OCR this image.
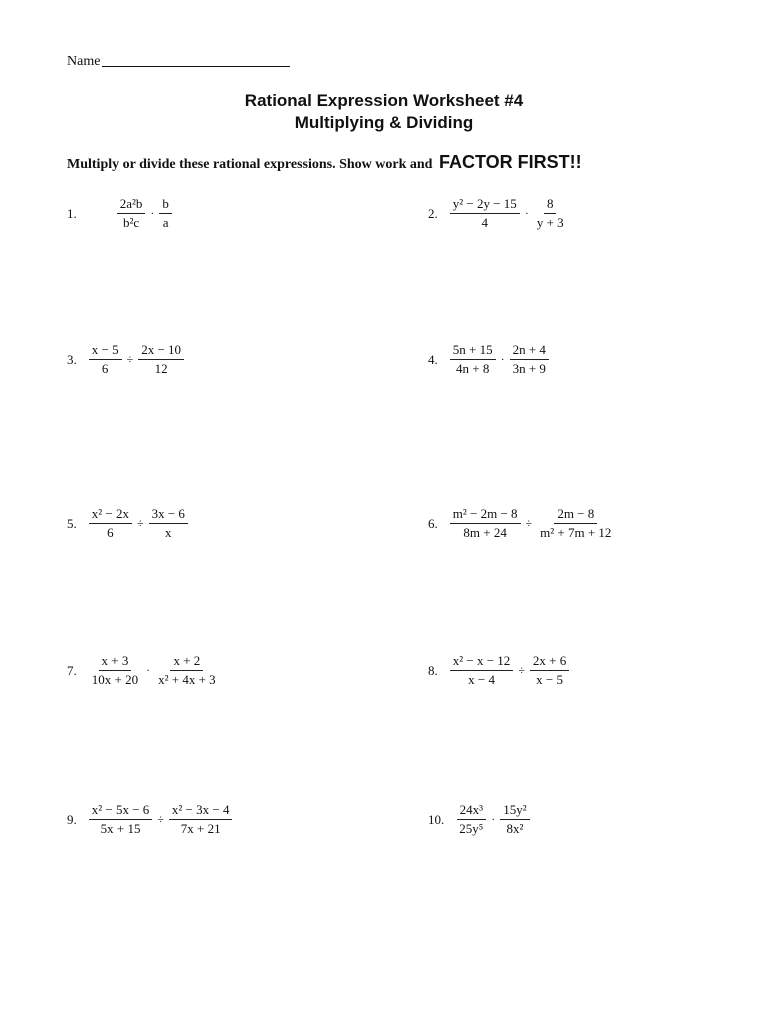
Name
Rational Expression Worksheet #4
Multiplying & Dividing
Multiply or divide these rational expressions. Show work and FACTOR FIRST!!
1.	$\frac{\text{2a²b}}{\text{b²c}} \cdot \frac{b}{a}$	2. $\frac{\text{y² − 2y − 15}}{4} \cdot \frac{8}{y + 3}$
3. $\frac{x - 5}{6} \div \frac{2x - 10}{12}$	4. $\frac{5n + 15}{4n + 8} \cdot \frac{2n + 4}{3n + 9}$
5. $\frac{\text{x² − 2x}}{6} \div \frac{3x - 6}{x}$	6. $\frac{\text{m² − 2m − 8}}{8m + 24} \div \frac{2m - 8}{\text{m² + 7m + 12}}$
7. $\frac{x + 3}{10x + 20} \cdot \frac{x + 2}{\text{x² + 4x + 3}}$	8. $\frac{\text{x² − x − 12}}{x - 4} \div \frac{2x + 6}{x - 5}$
9. $\frac{\text{x² − 5x − 6}}{5x + 15} \div \frac{\text{x² − 3x − 4}}{7x + 21}$	10. $\frac{\text{24x³}}{\text{25y⁵}} \cdot \frac{\text{15y²}}{\text{8x²}}$
